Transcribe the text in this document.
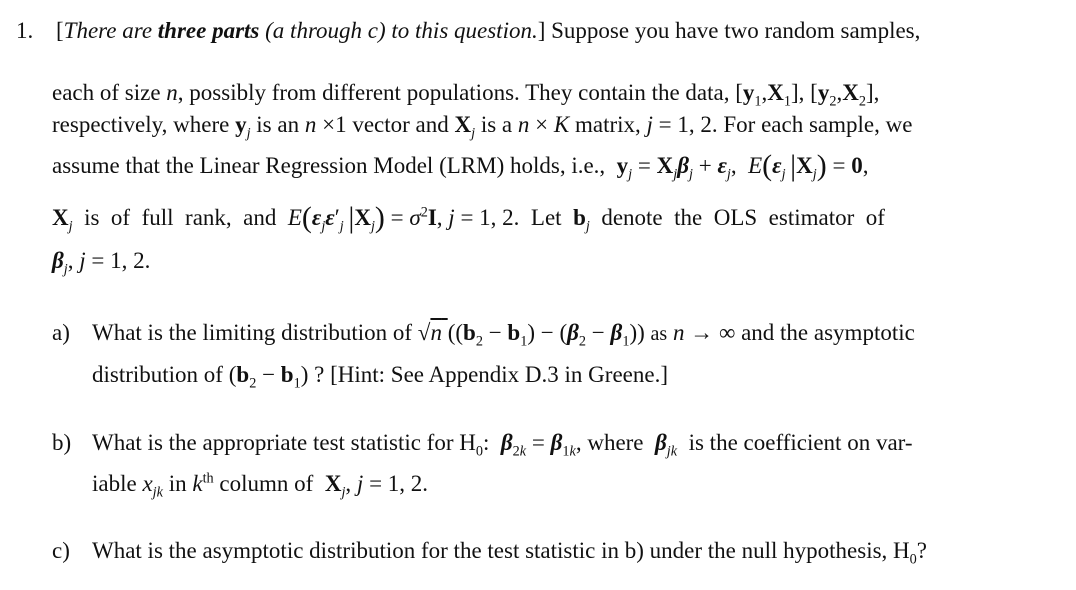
1. [There are three parts (a through c) to this question.] Suppose you have two random samples,
each of size n, possibly from different populations. They contain the data, $[y_1,X_1]$, $[y_2,X_2]$,
respectively, where $y_j$ is an n ×1 vector and $X_j$ is a n × K matrix, j = 1, 2. For each sample, we
assume that the Linear Regression Model (LRM) holds, i.e.,  $y_j = X_j\beta_j + \varepsilon_j$,  $E(\varepsilon_j$  $|X_j) = 0$,
$X_j$  is  of  full  rank,  and  $E(\varepsilon_j\varepsilon'_j$  $|X_j) = \sigma^2I$, j = 1, 2.  Let  $b_j$  denote  the  OLS  estimator  of
$\beta_j$, j = 1, 2.
a) What is the limiting distribution of √n $((b_2 - b_1) - (\beta_2 - \beta_1))$ as n → ∞ and the asymptotic
distribution of $(b_2 - b_1)$ ? [Hint: See Appendix D.3 in Greene.]
b) What is the appropriate test statistic for $H_0$:  $\beta_{2k} = \beta_{1k}$, where  $\beta_{jk}$  is the coefficient on var-
iable $x_{jk}$ in $k^{th}$ column of  $X_j$, j = 1, 2.
c) What is the asymptotic distribution for the test statistic in b) under the null hypothesis, $H_0$?
